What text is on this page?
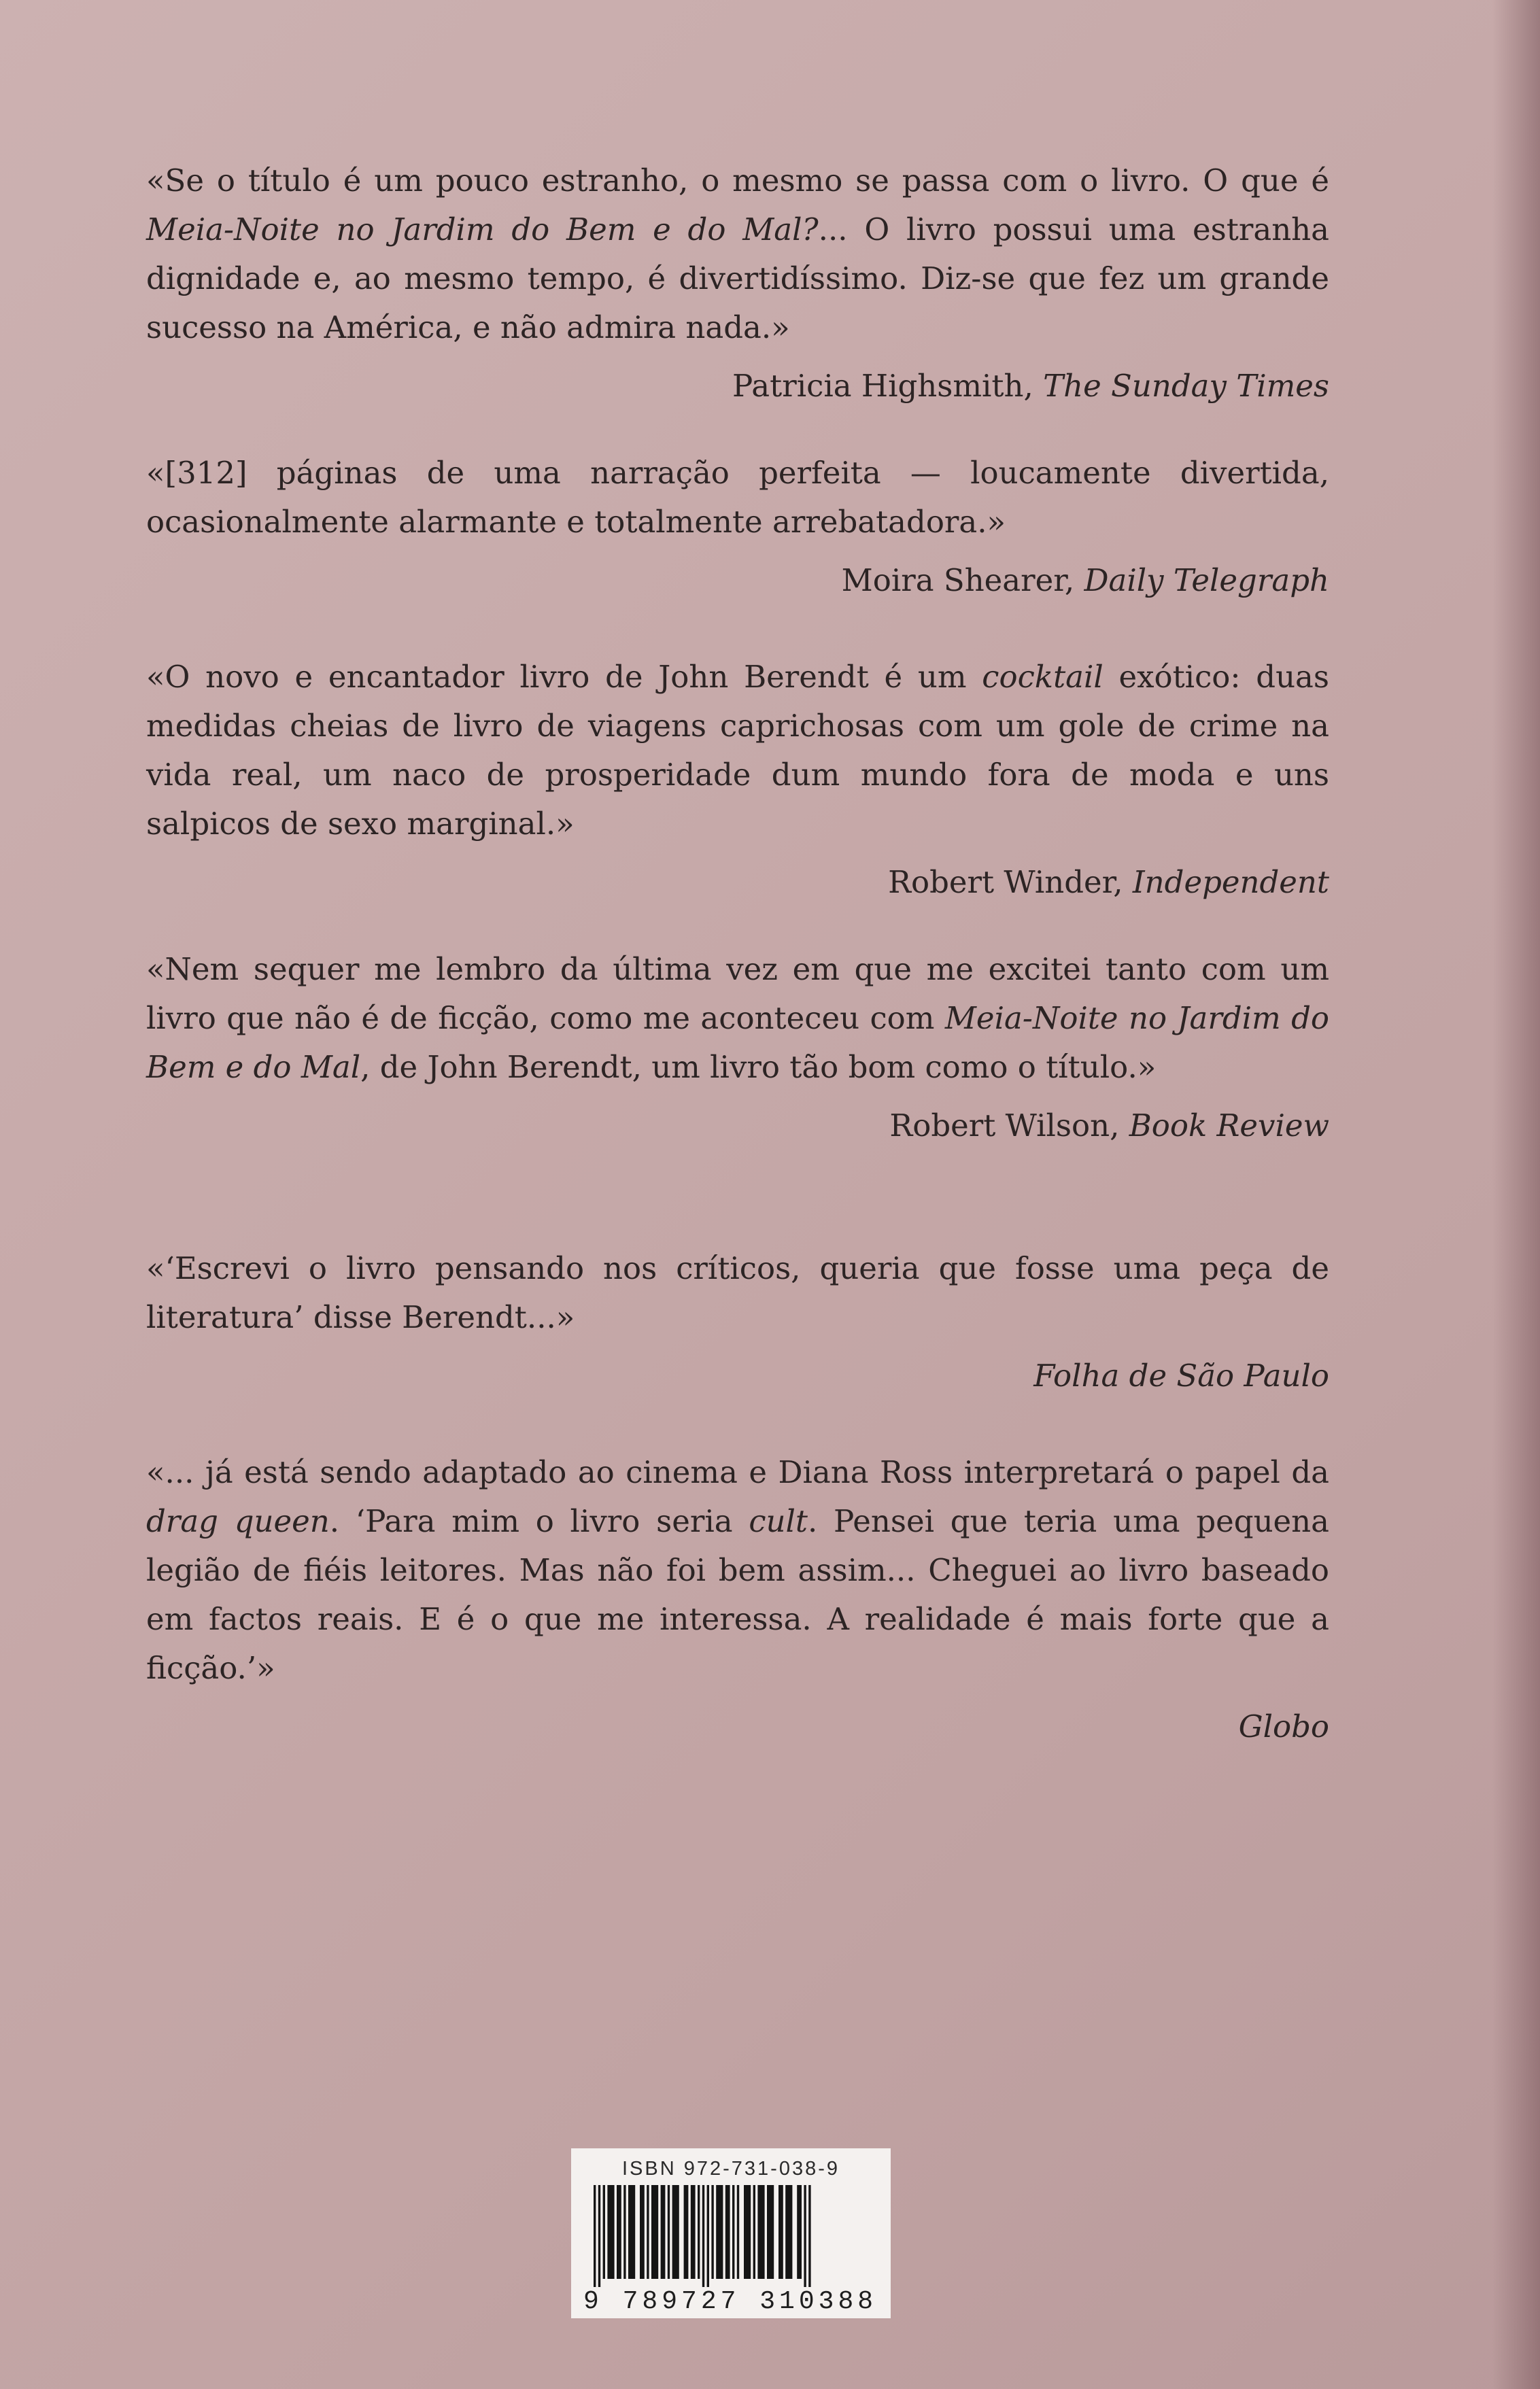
«Se o título é um pouco estranho, o mesmo se passa com o livro. O que é Meia-Noite no Jardim do Bem e do Mal?... O livro possui uma estranha dignidade e, ao mesmo tempo, é divertidíssimo. Diz-se que fez um grande sucesso na América, e não admira nada.»

Patricia Highsmith, The Sunday Times

«[312] páginas de uma narração perfeita — loucamente divertida, ocasionalmente alarmante e totalmente arrebatadora.»

Moira Shearer, Daily Telegraph

«O novo e encantador livro de John Berendt é um cocktail exótico: duas medidas cheias de livro de viagens caprichosas com um gole de crime na vida real, um naco de prosperidade dum mundo fora de moda e uns salpicos de sexo marginal.»

Robert Winder, Independent

«Nem sequer me lembro da última vez em que me excitei tanto com um livro que não é de ficção, como me aconteceu com Meia-Noite no Jardim do Bem e do Mal, de John Berendt, um livro tão bom como o título.»

Robert Wilson, Book Review

«‘Escrevi o livro pensando nos críticos, queria que fosse uma peça de literatura’ disse Berendt...»

Folha de São Paulo

«... já está sendo adaptado ao cinema e Diana Ross interpretará o papel da drag queen. ‘Para mim o livro seria cult. Pensei que teria uma pequena legião de fiéis leitores. Mas não foi bem assim... Cheguei ao livro baseado em factos reais. E é o que me interessa. A realidade é mais forte que a ficção.’»

Globo

ISBN 972-731-038-9

9 789727 310388
